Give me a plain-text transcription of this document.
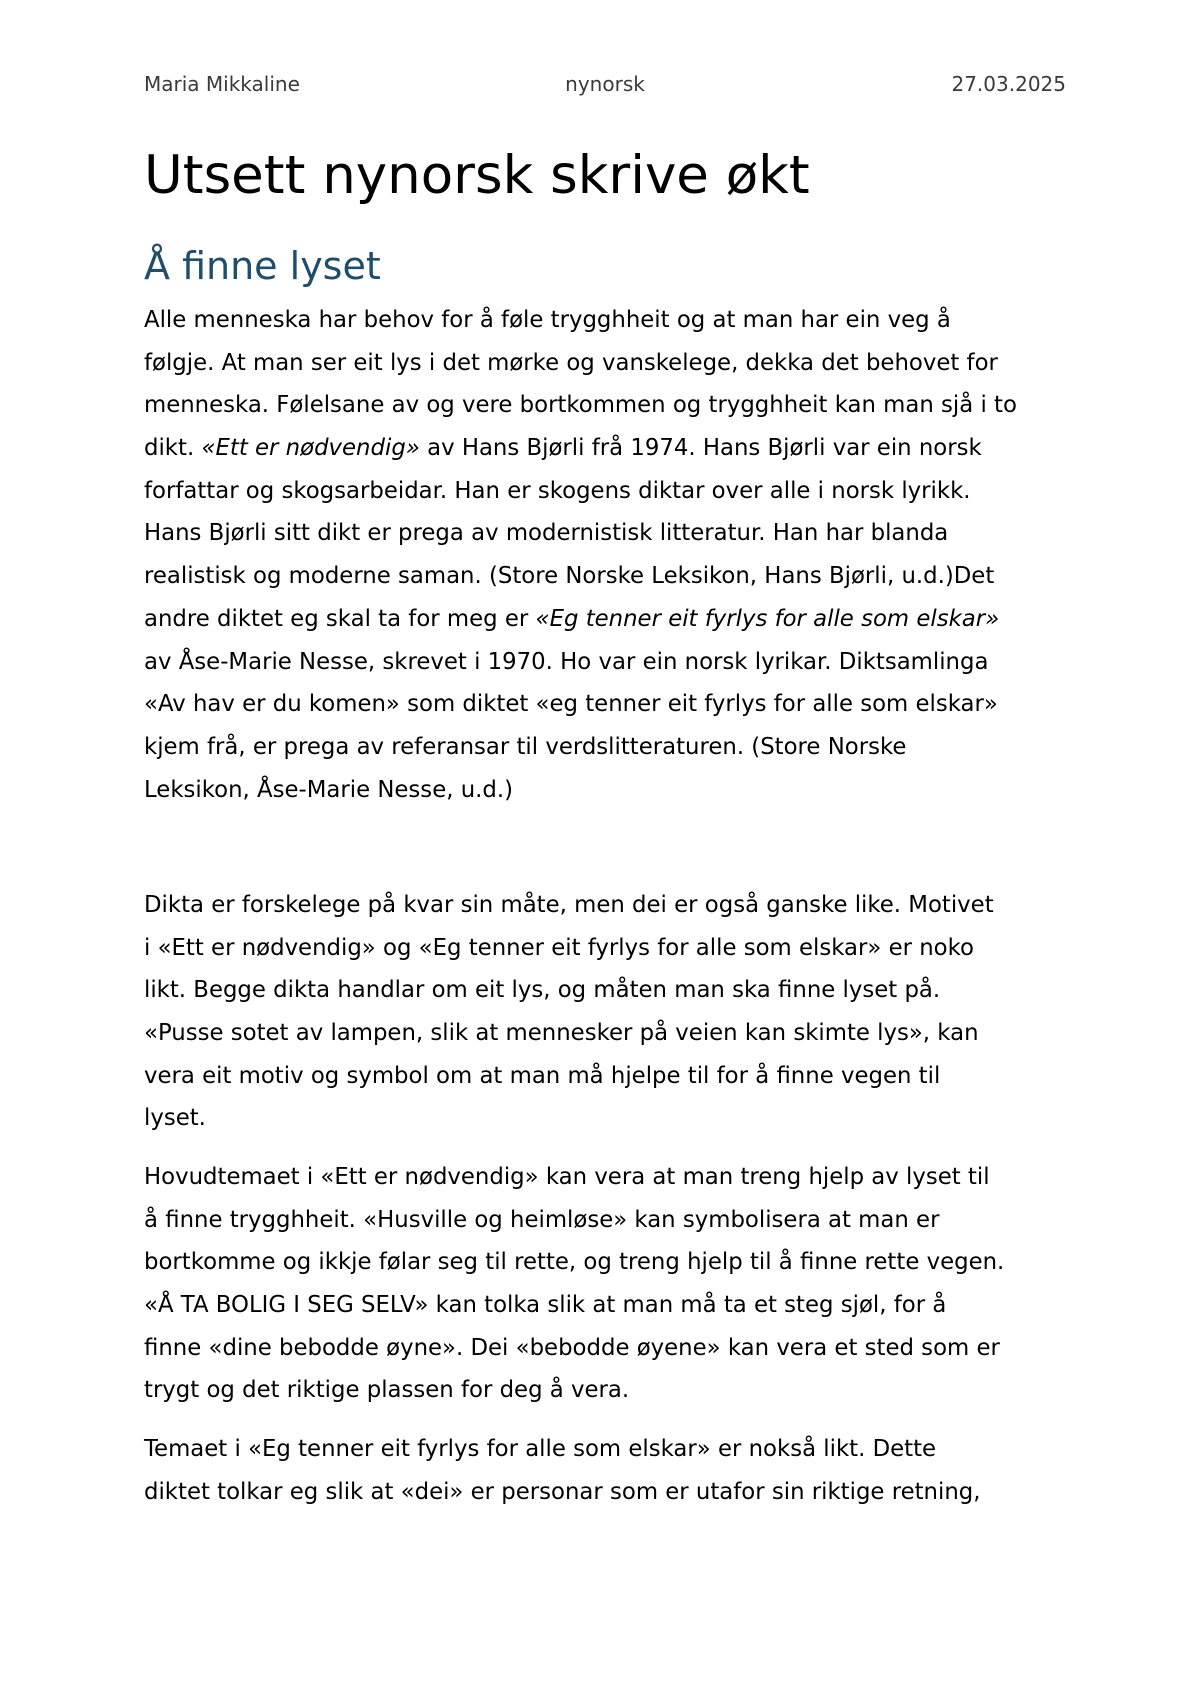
Maria Mikkaline	nynorsk	27.03.2025
Utsett nynorsk skrive økt
Å finne lyset
Alle menneska har behov for å føle trygghheit og at man har ein veg å
følgje. At man ser eit lys i det mørke og vanskelege, dekka det behovet for
menneska. Følelsane av og vere bortkommen og trygghheit kan man sjå i to
dikt. «Ett er nødvendig» av Hans Bjørli frå 1974. Hans Bjørli var ein norsk
forfattar og skogsarbeidar. Han er skogens diktar over alle i norsk lyrikk.
Hans Bjørli sitt dikt er prega av modernistisk litteratur. Han har blanda
realistisk og moderne saman. (Store Norske Leksikon, Hans Bjørli, u.d.)Det
andre diktet eg skal ta for meg er «Eg tenner eit fyrlys for alle som elskar»
av Åse-Marie Nesse, skrevet i 1970. Ho var ein norsk lyrikar. Diktsamlinga
«Av hav er du komen» som diktet «eg tenner eit fyrlys for alle som elskar»
kjem frå, er prega av referansar til verdslitteraturen. (Store Norske
Leksikon, Åse-Marie Nesse, u.d.)
Dikta er forskelege på kvar sin måte, men dei er også ganske like. Motivet
i «Ett er nødvendig» og «Eg tenner eit fyrlys for alle som elskar» er noko
likt. Begge dikta handlar om eit lys, og måten man ska finne lyset på.
«Pusse sotet av lampen, slik at mennesker på veien kan skimte lys», kan
vera eit motiv og symbol om at man må hjelpe til for å finne vegen til
lyset.
Hovudtemaet i «Ett er nødvendig» kan vera at man treng hjelp av lyset til
å finne trygghheit. «Husville og heimløse» kan symbolisera at man er
bortkomme og ikkje følar seg til rette, og treng hjelp til å finne rette vegen.
«Å TA BOLIG I SEG SELV» kan tolka slik at man må ta et steg sjøl, for å
finne «dine bebodde øyne». Dei «bebodde øyene» kan vera et sted som er
trygt og det riktige plassen for deg å vera.
Temaet i «Eg tenner eit fyrlys for alle som elskar» er nokså likt. Dette
diktet tolkar eg slik at «dei» er personar som er utafor sin riktige retning,
